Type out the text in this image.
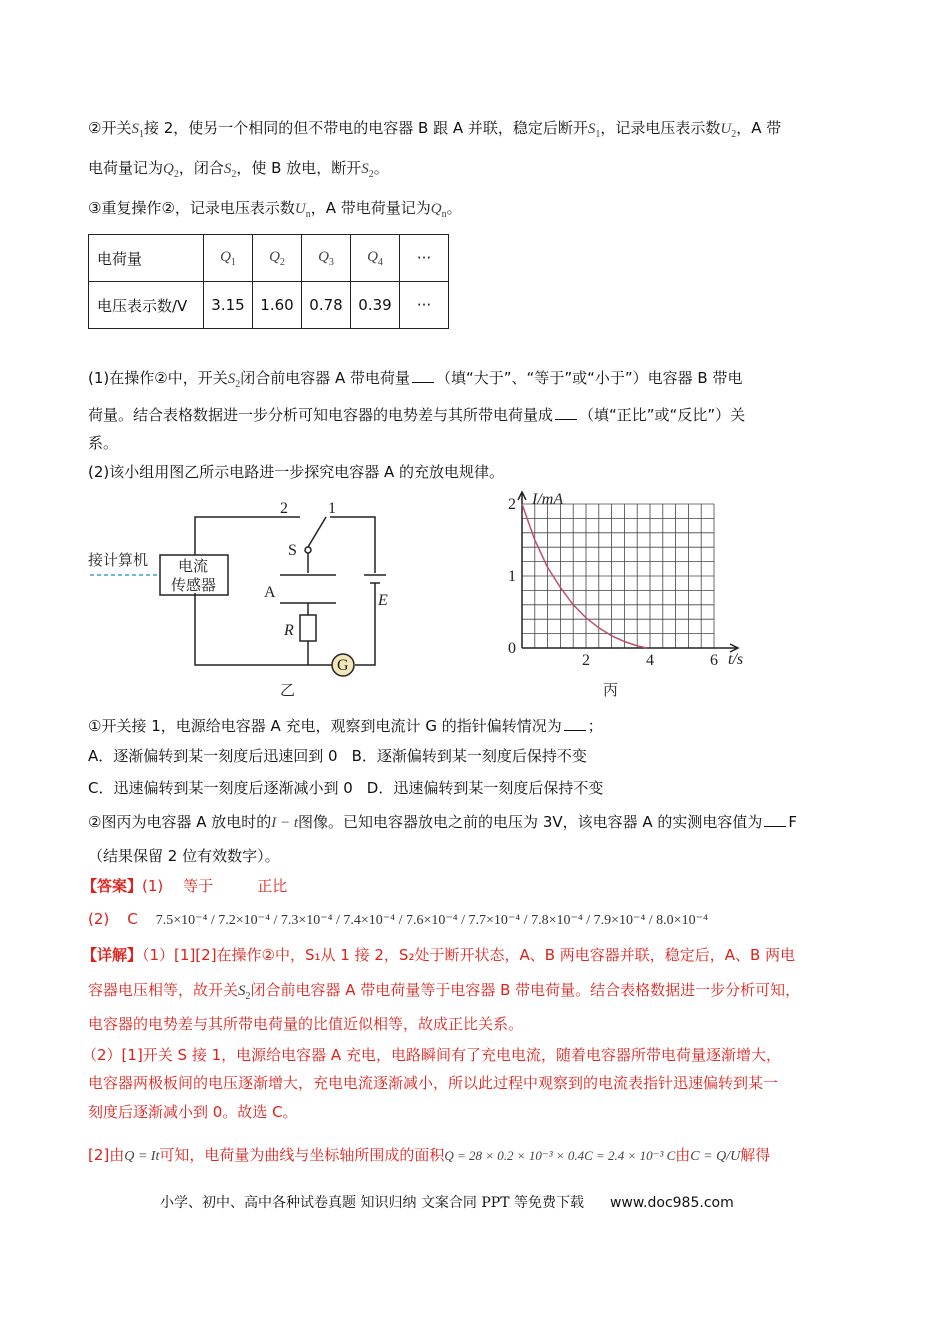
②开关$S_1$接 2，使另一个相同的但不带电的电容器 B 跟 A 并联，稳定后断开$S_1$，记录电压表示数$U_2$，A 带
电荷量记为$Q_2$，闭合$S_2$，使 B 放电，断开$S_2$。
③重复操作②，记录电压表示数$U_n$，A 带电荷量记为$Q_n$。
电荷量	$Q_1$	$Q_2$	$Q_3$	$Q_4$	···
电压表示数/V	3.15	1.60	0.78	0.39	···
(1)在操作②中，开关$S_2$闭合前电容器 A 带电荷量 （填“大于”、“等于”或“小于”）电容器 B 带电
荷量。结合表格数据进一步分析可知电容器的电势差与其所带电荷量成 （填“正比”或“反比”）关
系。
(2)该小组用图乙所示电路进一步探究电容器 A 的充放电规律。
2	1
S
接计算机 电流
传感器	A
R
E
G
乙
2	4	6
0
1
2 I/mA
t/s
丙
①开关接 1，电源给电容器 A 充电，观察到电流计 G 的指针偏转情况为 ；
A．逐渐偏转到某一刻度后迅速回到 0 B．逐渐偏转到某一刻度后保持不变
C．迅速偏转到某一刻度后逐渐减小到 0 D．迅速偏转到某一刻度后保持不变
②图丙为电容器 A 放电时的I − t图像。已知电容器放电之前的电压为 3V，该电容器 A 的实测电容值为 F
（结果保留 2 位有效数字）。
【答案】(1) 等于	正比
(2) C 7.5×10⁻⁴ / 7.2×10⁻⁴ / 7.3×10⁻⁴ / 7.4×10⁻⁴ / 7.6×10⁻⁴ / 7.7×10⁻⁴ / 7.8×10⁻⁴ / 7.9×10⁻⁴ / 8.0×10⁻⁴
【详解】（1）[1][2]在操作②中，S₁从 1 接 2，S₂处于断开状态，A、B 两电容器并联，稳定后，A、B 两电
容器电压相等，故开关$S_2$闭合前电容器 A 带电荷量等于电容器 B 带电荷量。结合表格数据进一步分析可知，
电容器的电势差与其所带电荷量的比值近似相等，故成正比关系。
（2）[1]开关 S 接 1，电源给电容器 A 充电，电路瞬间有了充电电流，随着电容器所带电荷量逐渐增大，
电容器两极板间的电压逐渐增大，充电电流逐渐减小，所以此过程中观察到的电流表指针迅速偏转到某一
刻度后逐渐减小到 0。故选 C。
[2]由Q = It可知，电荷量为曲线与坐标轴所围成的面积Q = 28 × 0.2 × 10⁻³ × 0.4C = 2.4 × 10⁻³ C由C = Q/U解得
小学、初中、高中各种试卷真题 知识归纳 文案合同 PPT 等免费下载 www.doc985.com
